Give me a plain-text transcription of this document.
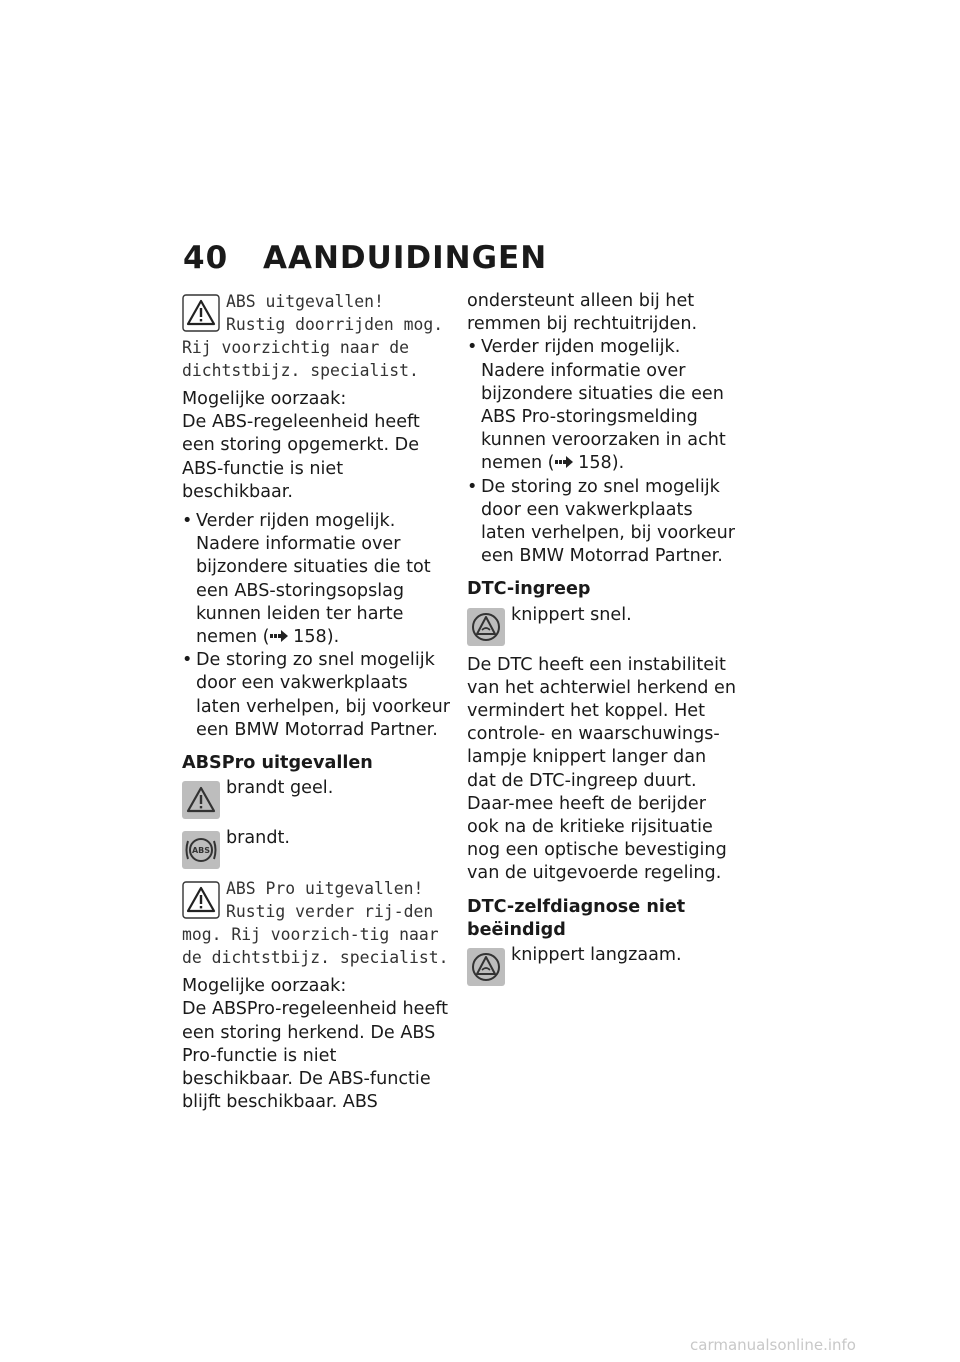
40 AANDUIDINGEN
ABS uitgevallen! Rustig doorrijden mog. Rij voorzichtig naar de dichtstbijz. specialist.
Mogelijke oorzaak:
De ABS-regeleenheid heeft een storing opgemerkt. De ABS-functie is niet beschikbaar.
• Verder rijden mogelijk. Nadere informatie over bijzondere situaties die tot een ABS-storingsopslag kunnen leiden ter harte nemen ( 158).
• De storing zo snel mogelijk door een vakwerkplaats laten verhelpen, bij voorkeur een BMW Motorrad Partner.
ABSPro uitgevallen
brandt geel.
ABS
brandt.
ABS Pro uitgevallen! Rustig verder rij-den mog. Rij voorzich-tig naar de dichtstbijz. specialist.
Mogelijke oorzaak:
De ABSPro-regeleenheid heeft een storing herkend. De ABS Pro-functie is niet beschikbaar. De ABS-functie blijft beschikbaar. ABS
ondersteunt alleen bij het remmen bij rechtuitrijden.
• Verder rijden mogelijk. Nadere informatie over bijzondere situaties die een ABS Pro-storingsmelding kunnen veroorzaken in acht nemen ( 158).
• De storing zo snel mogelijk door een vakwerkplaats laten verhelpen, bij voorkeur een BMW Motorrad Partner.
DTC-ingreep
knippert snel.
De DTC heeft een instabiliteit van het achterwiel herkend en vermindert het koppel. Het controle- en waarschuwings-lampje knippert langer dan dat de DTC-ingreep duurt. Daar-mee heeft de berijder ook na de kritieke rijsituatie nog een optische bevestiging van de uitgevoerde regeling.
DTC-zelfdiagnose niet beëindigd
knippert langzaam.
carmanualsonline.info
